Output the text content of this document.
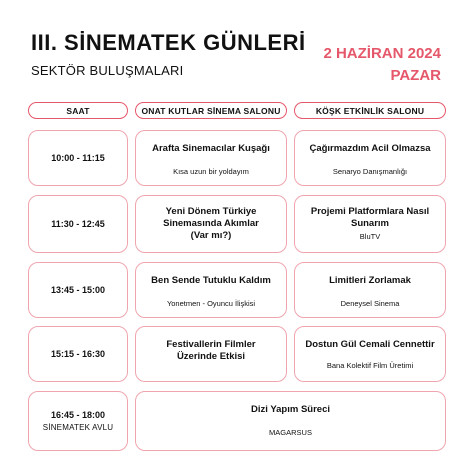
III. SİNEMATEK GÜNLERİ
SEKTÖR BULUŞMALARI
2 HAZİRAN 2024
PAZAR
SAAT	ONAT KUTLAR SİNEMA SALONU	KÖŞK ETKİNLİK SALONU
10:00 - 11:15
Arafta Sinemacılar Kuşağı
Kısa uzun bir yoldayım
Çağırmazdım Acil Olmazsa
Senaryo Danışmanlığı
11:30 - 12:45
Yeni Dönem Türkiye Sinemasında Akımlar (Var mı?)
Projemi Platformlara Nasıl Sunarım
BluTV
13:45 - 15:00
Ben Sende Tutuklu Kaldım
Yonetmen - Oyuncu İlişkisi
Limitleri Zorlamak
Deneysel Sinema
15:15 - 16:30
Festivallerin Filmler Üzerinde Etkisi
Dostun Gül Cemali Cennettir
Bana Kolektif Film Üretimi
16:45 - 18:00
SİNEMATEK AVLU
Dizi Yapım Süreci
MAGARSUS
